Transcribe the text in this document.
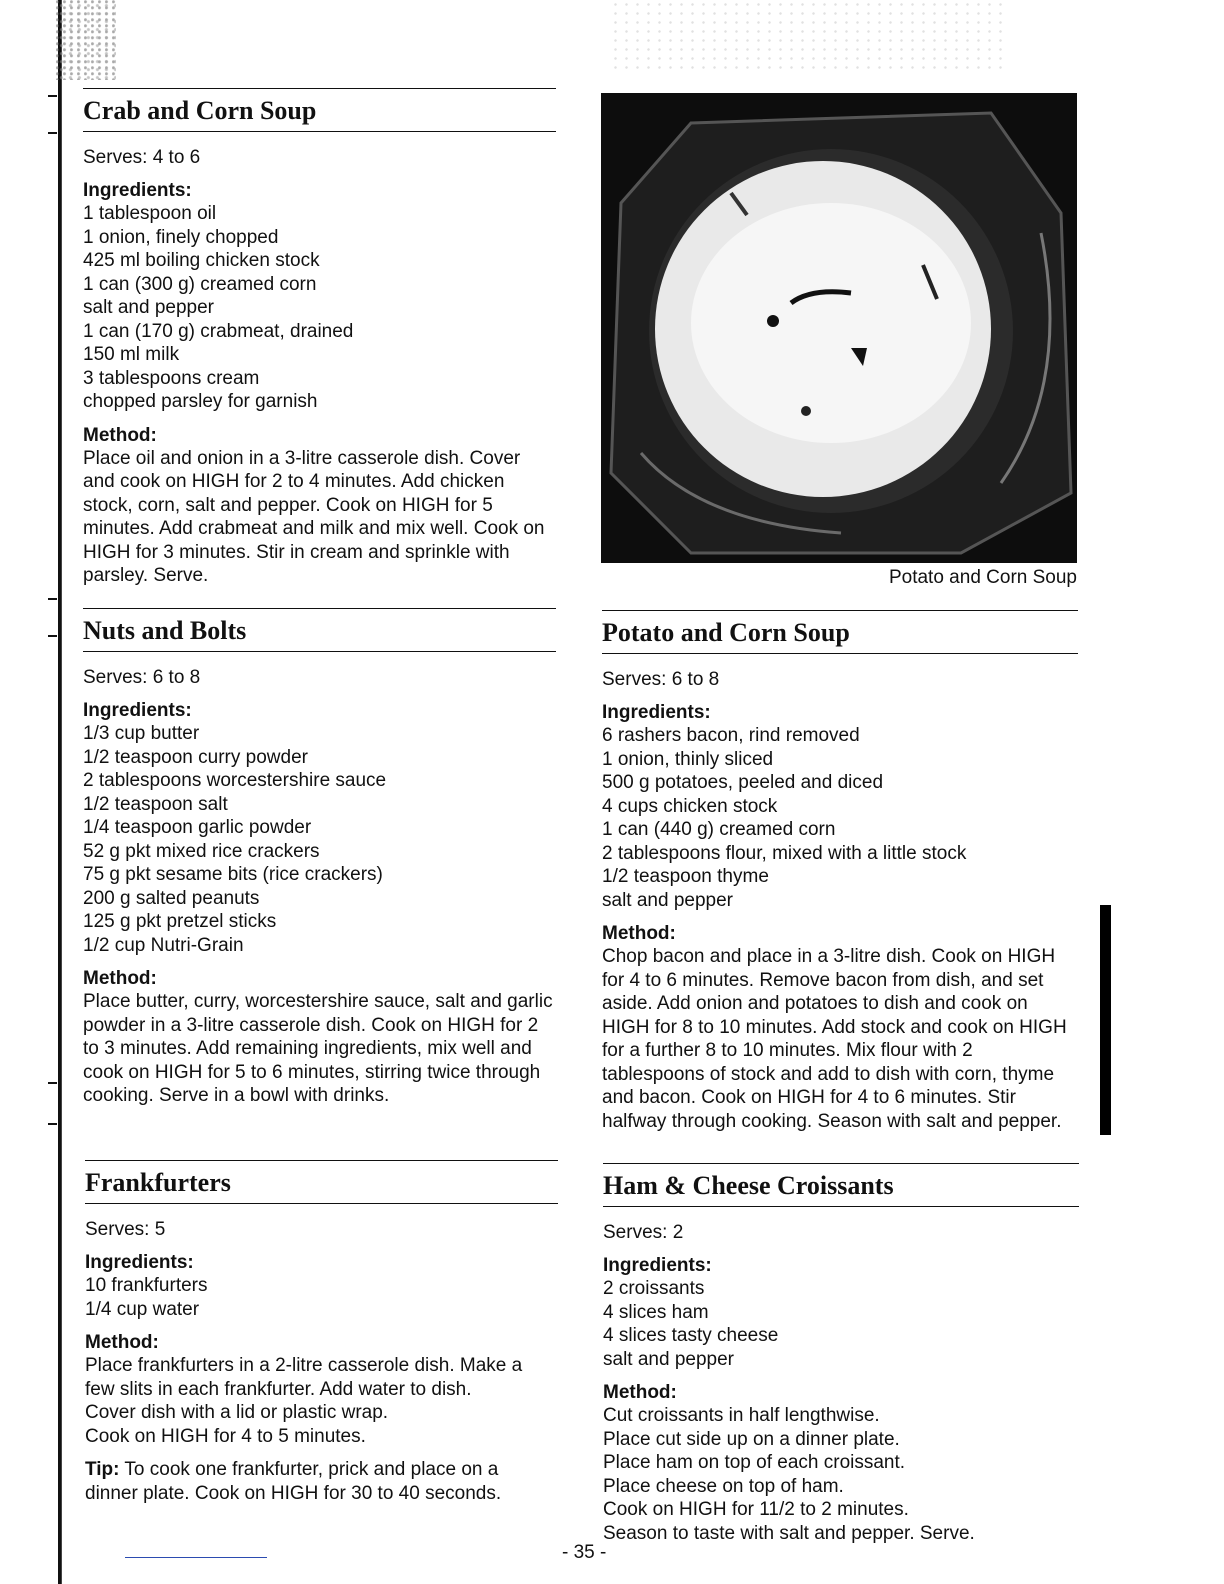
Crab and Corn Soup
Serves: 4 to 6
Ingredients:
1 tablespoon oil
1 onion, finely chopped
425 ml boiling chicken stock
1 can (300 g) creamed corn
salt and pepper
1 can (170 g) crabmeat, drained
150 ml milk
3 tablespoons cream
chopped parsley for garnish
Method:
Place oil and onion in a 3-litre casserole dish. Cover and cook on HIGH for 2 to 4 minutes. Add chicken stock, corn, salt and pepper. Cook on HIGH for 5 minutes. Add crabmeat and milk and mix well. Cook on HIGH for 3 minutes. Stir in cream and sprinkle with parsley. Serve.
Nuts and Bolts
Serves: 6 to 8
Ingredients:
1/3 cup butter
1/2 teaspoon curry powder
2 tablespoons worcestershire sauce
1/2 teaspoon salt
1/4 teaspoon garlic powder
52 g pkt mixed rice crackers
75 g pkt sesame bits (rice crackers)
200 g salted peanuts
125 g pkt pretzel sticks
1/2 cup Nutri-Grain
Method:
Place butter, curry, worcestershire sauce, salt and garlic powder in a 3-litre casserole dish. Cook on HIGH for 2 to 3 minutes. Add remaining ingredients, mix well and cook on HIGH for 5 to 6 minutes, stirring twice through cooking. Serve in a bowl with drinks.
Frankfurters
Serves: 5
Ingredients:
10 frankfurters
1/4 cup water
Method:
Place frankfurters in a 2-litre casserole dish. Make a
few slits in each frankfurter. Add water to dish.
Cover dish with a lid or plastic wrap.
Cook on HIGH for 4 to 5 minutes.
Tip: To cook one frankfurter, prick and place on a dinner plate. Cook on HIGH for 30 to 40 seconds.
Potato and Corn Soup
Potato and Corn Soup
Serves: 6 to 8
Ingredients:
6 rashers bacon, rind removed
1 onion, thinly sliced
500 g potatoes, peeled and diced
4 cups chicken stock
1 can (440 g) creamed corn
2 tablespoons flour, mixed with a little stock
1/2 teaspoon thyme
salt and pepper
Method:
Chop bacon and place in a 3-litre dish. Cook on HIGH for 4 to 6 minutes. Remove bacon from dish, and set aside. Add onion and potatoes to dish and cook on HIGH for 8 to 10 minutes. Add stock and cook on HIGH for a further 8 to 10 minutes. Mix flour with 2 tablespoons of stock and add to dish with corn, thyme and bacon. Cook on HIGH for 4 to 6 minutes. Stir halfway through cooking. Season with salt and pepper.
Ham & Cheese Croissants
Serves: 2
Ingredients:
2 croissants
4 slices ham
4 slices tasty cheese
salt and pepper
Method:
Cut croissants in half lengthwise.
Place cut side up on a dinner plate.
Place ham on top of each croissant.
Place cheese on top of ham.
Cook on HIGH for 11/2 to 2 minutes.
Season to taste with salt and pepper. Serve.
- 35 -
